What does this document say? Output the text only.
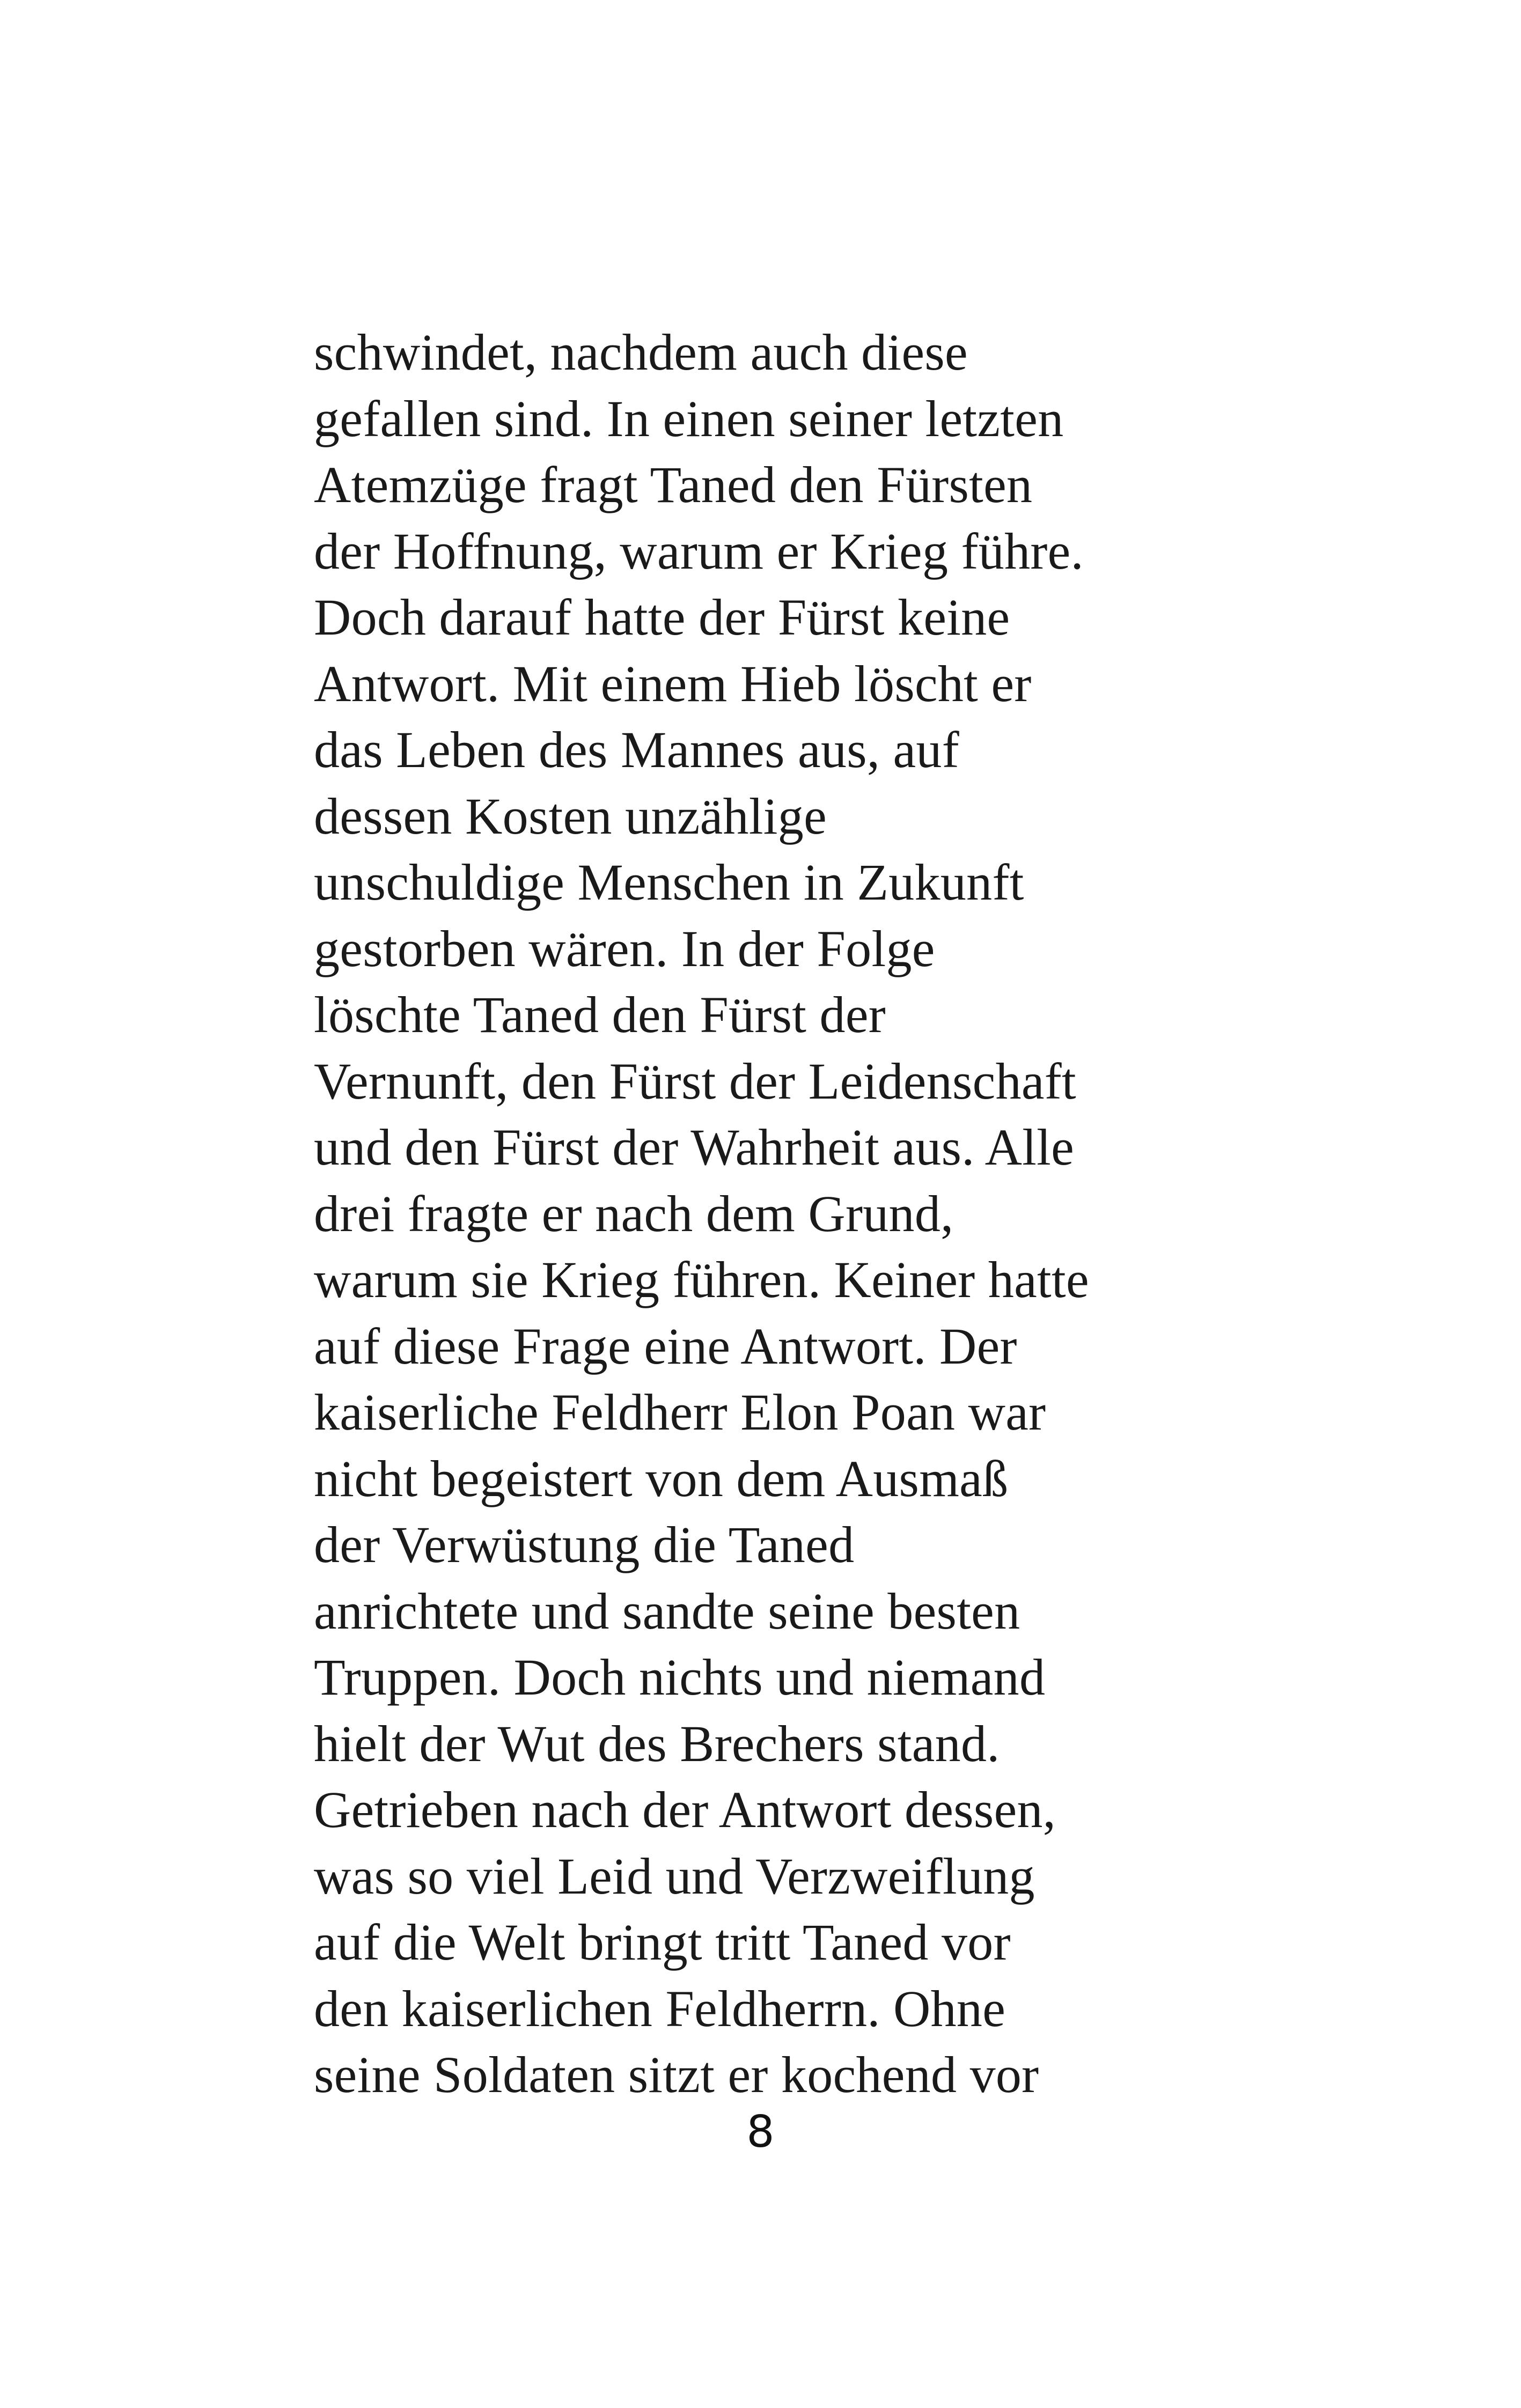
schwindet, nachdem auch diese
gefallen sind. In einen seiner letzten
Atemzüge fragt Taned den Fürsten
der Hoffnung, warum er Krieg führe.
Doch darauf hatte der Fürst keine
Antwort. Mit einem Hieb löscht er
das Leben des Mannes aus, auf
dessen Kosten unzählige
unschuldige Menschen in Zukunft
gestorben wären. In der Folge
löschte Taned den Fürst der
Vernunft, den Fürst der Leidenschaft
und den Fürst der Wahrheit aus. Alle
drei fragte er nach dem Grund,
warum sie Krieg führen. Keiner hatte
auf diese Frage eine Antwort. Der
kaiserliche Feldherr Elon Poan war
nicht begeistert von dem Ausmaß
der Verwüstung die Taned
anrichtete und sandte seine besten
Truppen. Doch nichts und niemand
hielt der Wut des Brechers stand.
Getrieben nach der Antwort dessen,
was so viel Leid und Verzweiflung
auf die Welt bringt tritt Taned vor
den kaiserlichen Feldherrn. Ohne
seine Soldaten sitzt er kochend vor
8
